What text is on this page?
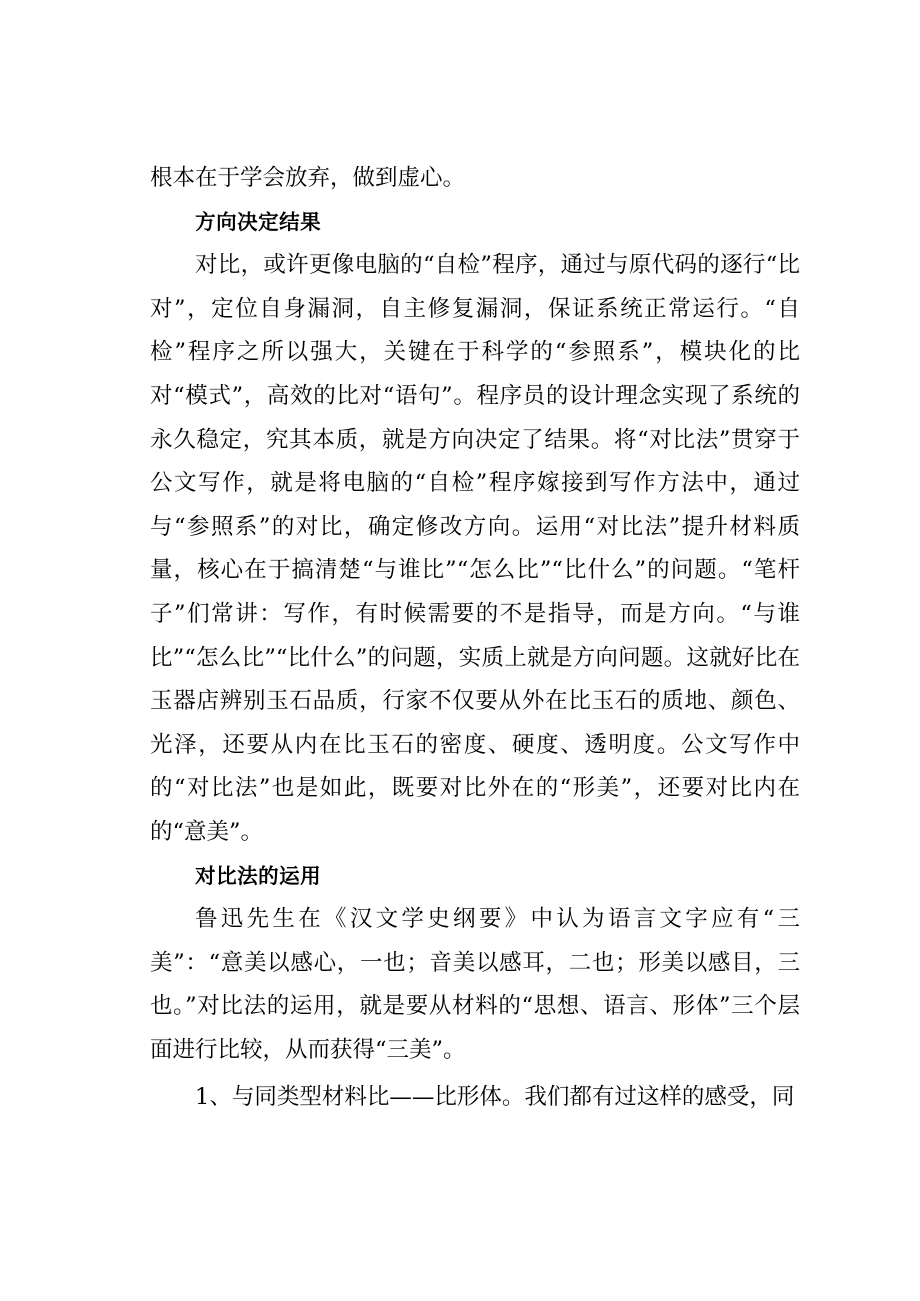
根本在于学会放弃，做到虚心。

方向决定结果

对比，或许更像电脑的“自检”程序，通过与原代码的逐行“比对”，定位自身漏洞，自主修复漏洞，保证系统正常运行。“自检”程序之所以强大，关键在于科学的“参照系”，模块化的比对“模式”，高效的比对“语句”。程序员的设计理念实现了系统的永久稳定，究其本质，就是方向决定了结果。将“对比法”贯穿于公文写作，就是将电脑的“自检”程序嫁接到写作方法中，通过与“参照系”的对比，确定修改方向。运用“对比法”提升材料质量，核心在于搞清楚“与谁比”“怎么比”“比什么”的问题。“笔杆子”们常讲：写作，有时候需要的不是指导，而是方向。“与谁比”“怎么比”“比什么”的问题，实质上就是方向问题。这就好比在玉器店辨别玉石品质，行家不仅要从外在比玉石的质地、颜色、光泽，还要从内在比玉石的密度、硬度、透明度。公文写作中的“对比法”也是如此，既要对比外在的“形美”，还要对比内在的“意美”。

对比法的运用

鲁迅先生在《汉文学史纲要》中认为语言文字应有“三美”：“意美以感心，一也；音美以感耳，二也；形美以感目，三也。”对比法的运用，就是要从材料的“思想、语言、形体”三个层面进行比较，从而获得“三美”。

1、与同类型材料比——比形体。我们都有过这样的感受，同
